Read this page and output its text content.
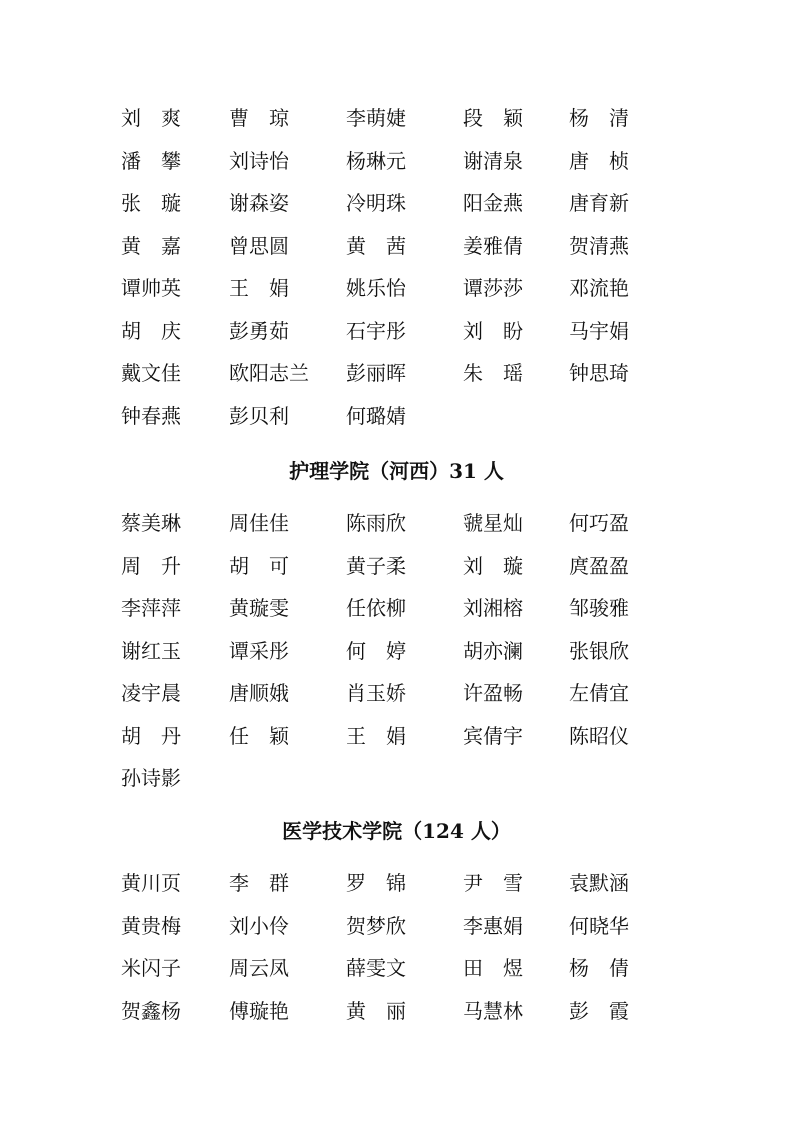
刘　爽 曹　琼	李萌婕	段　颖 杨　清
潘　攀 刘诗怡	杨琳元	谢清泉 唐　桢
张　璇 谢森姿	冷明珠	阳金燕 唐育新
黄　嘉 曾思圆	黄　茜	姜雅倩 贺清燕
谭帅英 王　娟	姚乐怡	谭莎莎 邓流艳
胡　庆 彭勇茹	石宇彤	刘　盼 马宇娟
戴文佳 欧阳志兰 彭丽晖	朱　瑶 钟思琦
钟春燕 彭贝利	何璐婧
护理学院（河西）31 人
蔡美琳 周佳佳	陈雨欣	虢星灿 何巧盈
周　升 胡　可	黄子柔	刘　璇 庹盈盈
李萍萍 黄璇雯	任依柳	刘湘榕 邹骏雅
谢红玉 谭采彤	何　婷	胡亦澜 张银欣
凌宇晨 唐顺娥	肖玉娇	许盈畅 左倩宜
胡　丹 任　颖	王　娟	宾倩宇 陈昭仪
孙诗影
医学技术学院（124 人）
黄川页 李　群	罗　锦	尹　雪 袁默涵
黄贵梅 刘小伶	贺梦欣	李惠娟 何晓华
米闪子 周云凤	薛雯文	田　煜 杨　倩
贺鑫杨 傅璇艳	黄　丽	马慧林 彭　霞
